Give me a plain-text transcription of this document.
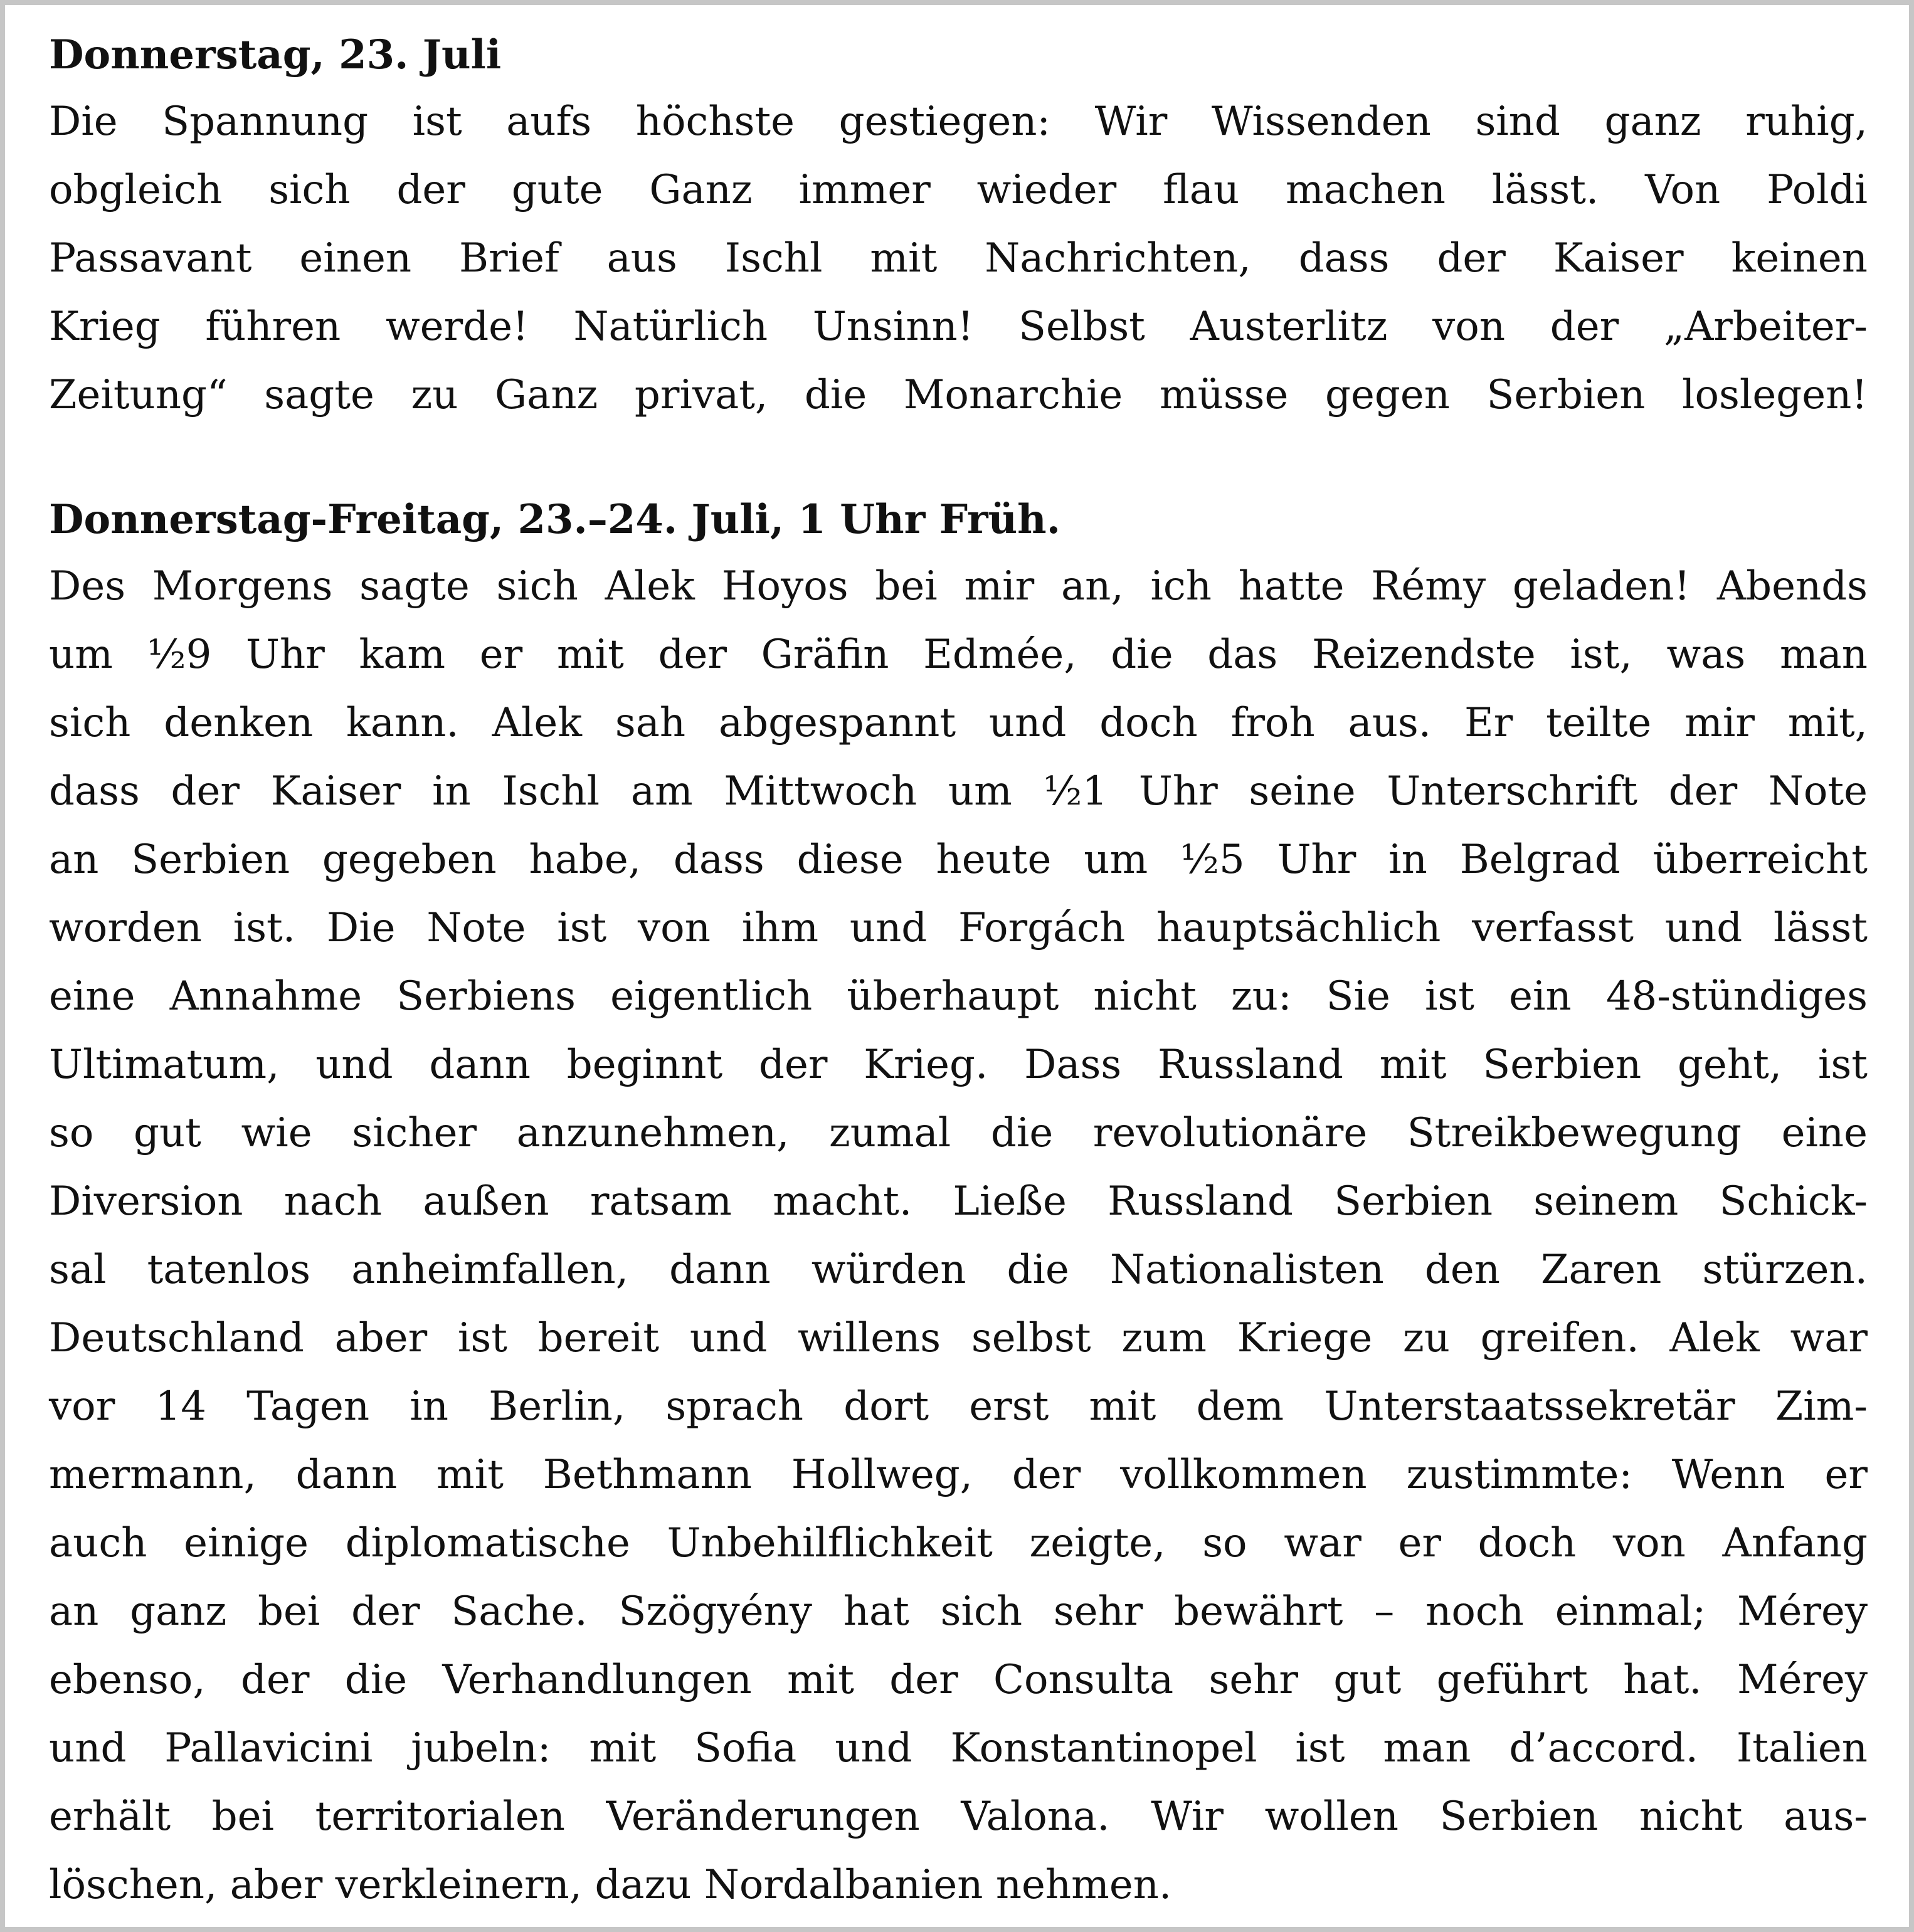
Donnerstag, 23. Juli
Die Spannung ist aufs höchste gestiegen: Wir Wissenden sind ganz ruhig,
obgleich sich der gute Ganz immer wieder flau machen lässt. Von Poldi
Passavant einen Brief aus Ischl mit Nachrichten, dass der Kaiser keinen
Krieg führen werde! Natürlich Unsinn! Selbst Austerlitz von der „Arbeiter-
Zeitung“ sagte zu Ganz privat, die Monarchie müsse gegen Serbien loslegen!
Donnerstag-Freitag, 23.–24. Juli, 1 Uhr Früh.
Des Morgens sagte sich Alek Hoyos bei mir an, ich hatte Rémy geladen! Abends
um ½9 Uhr kam er mit der Gräfin Edmée, die das Reizendste ist, was man
sich denken kann. Alek sah abgespannt und doch froh aus. Er teilte mir mit,
dass der Kaiser in Ischl am Mittwoch um ½1 Uhr seine Unterschrift der Note
an Serbien gegeben habe, dass diese heute um ½5 Uhr in Belgrad überreicht
worden ist. Die Note ist von ihm und Forgách hauptsächlich verfasst und lässt
eine Annahme Serbiens eigentlich überhaupt nicht zu: Sie ist ein 48-stündiges
Ultimatum, und dann beginnt der Krieg. Dass Russland mit Serbien geht, ist
so gut wie sicher anzunehmen, zumal die revolutionäre Streikbewegung eine
Diversion nach außen ratsam macht. Ließe Russland Serbien seinem Schick-
sal tatenlos anheimfallen, dann würden die Nationalisten den Zaren stürzen.
Deutschland aber ist bereit und willens selbst zum Kriege zu greifen. Alek war
vor 14 Tagen in Berlin, sprach dort erst mit dem Unterstaatssekretär Zim-
mermann, dann mit Bethmann Hollweg, der vollkommen zustimmte: Wenn er
auch einige diplomatische Unbehilflichkeit zeigte, so war er doch von Anfang
an ganz bei der Sache. Szögyény hat sich sehr bewährt – noch einmal; Mérey
ebenso, der die Verhandlungen mit der Consulta sehr gut geführt hat. Mérey
und Pallavicini jubeln: mit Sofia und Konstantinopel ist man d’accord. Italien
erhält bei territorialen Veränderungen Valona. Wir wollen Serbien nicht aus-
löschen, aber verkleinern, dazu Nordalbanien nehmen.
